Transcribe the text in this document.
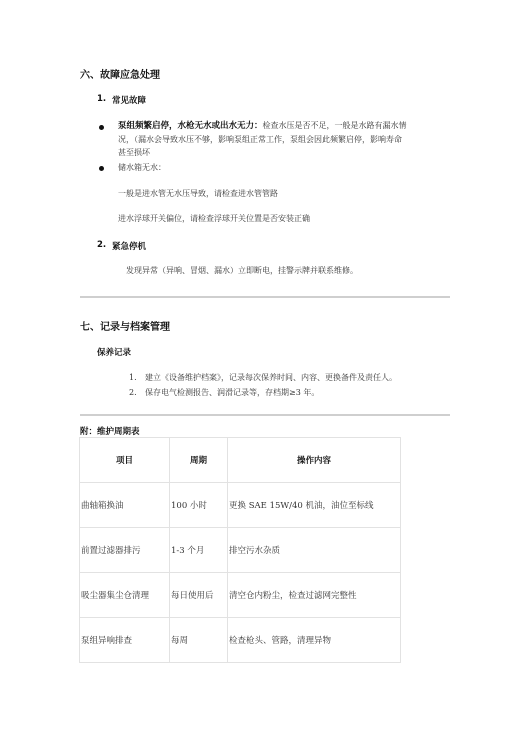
六、故障应急处理
1. 常见故障
泵组频繁启停，水枪无水或出水无力：检查水压是否不足，一般是水路有漏水情
况，（漏水会导致水压不够，影响泵组正常工作，泵组会因此频繁启停，影响寿命
甚至损坏
储水箱无水：
一般是进水管无水压导致，请检查进水管管路
进水浮球开关偏位，请检查浮球开关位置是否安装正确
2. 紧急停机
发现异常（异响、冒烟、漏水）立即断电，挂警示牌并联系维修。
七、记录与档案管理
保养记录
1. 建立《设备维护档案》，记录每次保养时间、内容、更换备件及责任人。
2. 保存电气检测报告、润滑记录等，存档期≥3 年。
附：维护周期表
项目	周期	操作内容
曲轴箱换油	100 小时	更换 SAE 15W/40 机油，油位至标线
前置过滤器排污	1-3 个月	排空污水杂质
吸尘器集尘仓清理	每日使用后	清空仓内粉尘，检查过滤网完整性
泵组异响排查	每周	检查枪头、管路，清理异物
